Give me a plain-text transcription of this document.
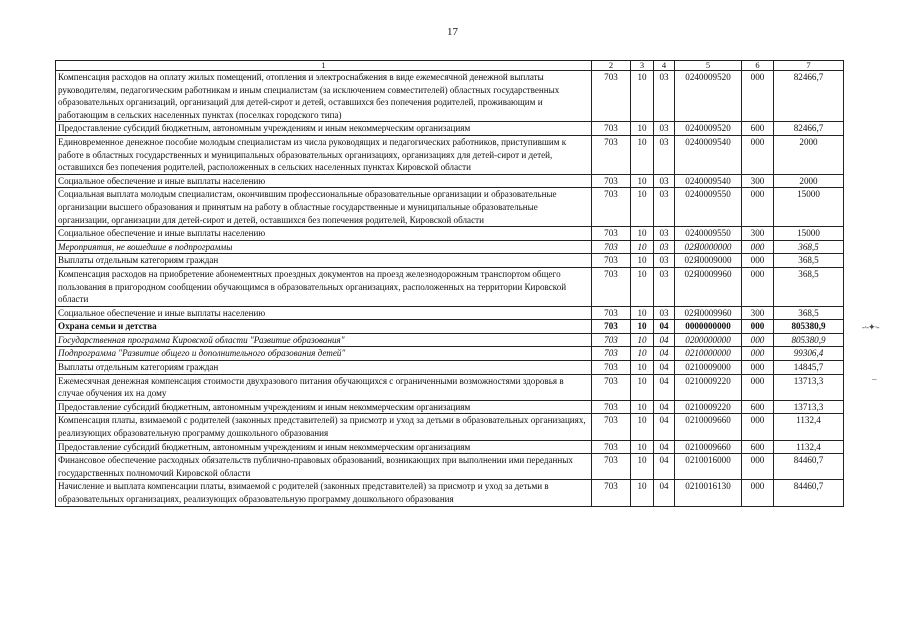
17
1	2	3	4	5	6	7
Компенсация расходов на оплату жилых помещений, отопления и электроснабжения в виде ежемесячной денежной выплаты руководителям, педагогическим работникам и иным специалистам (за исключением совместителей) областных государственных образовательных организаций, организаций для детей-сирот и детей, оставшихся без попечения родителей, проживающим и работающим в сельских населенных пунктах (поселках городского типа)	703	10	03	0240009520	000	82466,7
Предоставление субсидий бюджетным, автономным учреждениям и иным некоммерческим организациям	703	10	03	0240009520	600	82466,7
Единовременное денежное пособие молодым специалистам из числа руководящих и педагогических работников, приступившим к работе в областных государственных и муниципальных образовательных организациях, организациях для детей-сирот и детей, оставшихся без попечения родителей, расположенных в сельских населенных пунктах Кировской области	703	10	03	0240009540	000	2000
Социальное обеспечение и иные выплаты населению	703	10	03	0240009540	300	2000
Социальная выплата молодым специалистам, окончившим профессиональные образовательные организации и образовательные организации высшего образования и принятым на работу в областные государственные и муниципальные образовательные организации, организации для детей-сирот и детей, оставшихся без попечения родителей, Кировской области	703	10	03	0240009550	000	15000
Социальное обеспечение и иные выплаты населению	703	10	03	0240009550	300	15000
Мероприятия, не вошедшие в подпрограммы	703	10	03	02Я0000000	000	368,5
Выплаты отдельным категориям граждан	703	10	03	02Я0009000	000	368,5
Компенсация расходов на приобретение абонементных проездных документов на проезд железнодорожным транспортом общего пользования в пригородном сообщении обучающимся в образовательных организациях, расположенных на территории Кировской области	703	10	03	02Я0009960	000	368,5
Социальное обеспечение и иные выплаты населению	703	10	03	02Я0009960	300	368,5
Охрана семьи и детства	703	10	04	0000000000	000	805380,9
Государственная программа Кировской области "Развитие образования"	703	10	04	0200000000	000	805380,9
Подпрограмма "Развитие общего и дополнительного образования детей"	703	10	04	0210000000	000	99306,4
Выплаты отдельным категориям граждан	703	10	04	0210009000	000	14845,7
Ежемесячная денежная компенсация стоимости двухразового питания обучающихся с ограниченными возможностями здоровья в случае обучения их на дому	703	10	04	0210009220	000	13713,3
Предоставление субсидий бюджетным, автономным учреждениям и иным некоммерческим организациям	703	10	04	0210009220	600	13713,3
Компенсация платы, взимаемой с родителей (законных представителей) за присмотр и уход за детьми в образовательных организациях, реализующих образовательную программу дошкольного образования	703	10	04	0210009660	000	1132,4
Предоставление субсидий бюджетным, автономным учреждениям и иным некоммерческим организациям	703	10	04	0210009660	600	1132,4
Финансовое обеспечение расходных обязательств публично-правовых образований, возникающих при выполнении ими переданных государственных полномочий Кировской области	703	10	04	0210016000	000	84460,7
Начисление и выплата компенсации платы, взимаемой с родителей (законных представителей) за присмотр и уход за детьми в образовательных организациях, реализующих образовательную программу дошкольного образования	703	10	04	0210016130	000	84460,7
-·-✦·-
–
